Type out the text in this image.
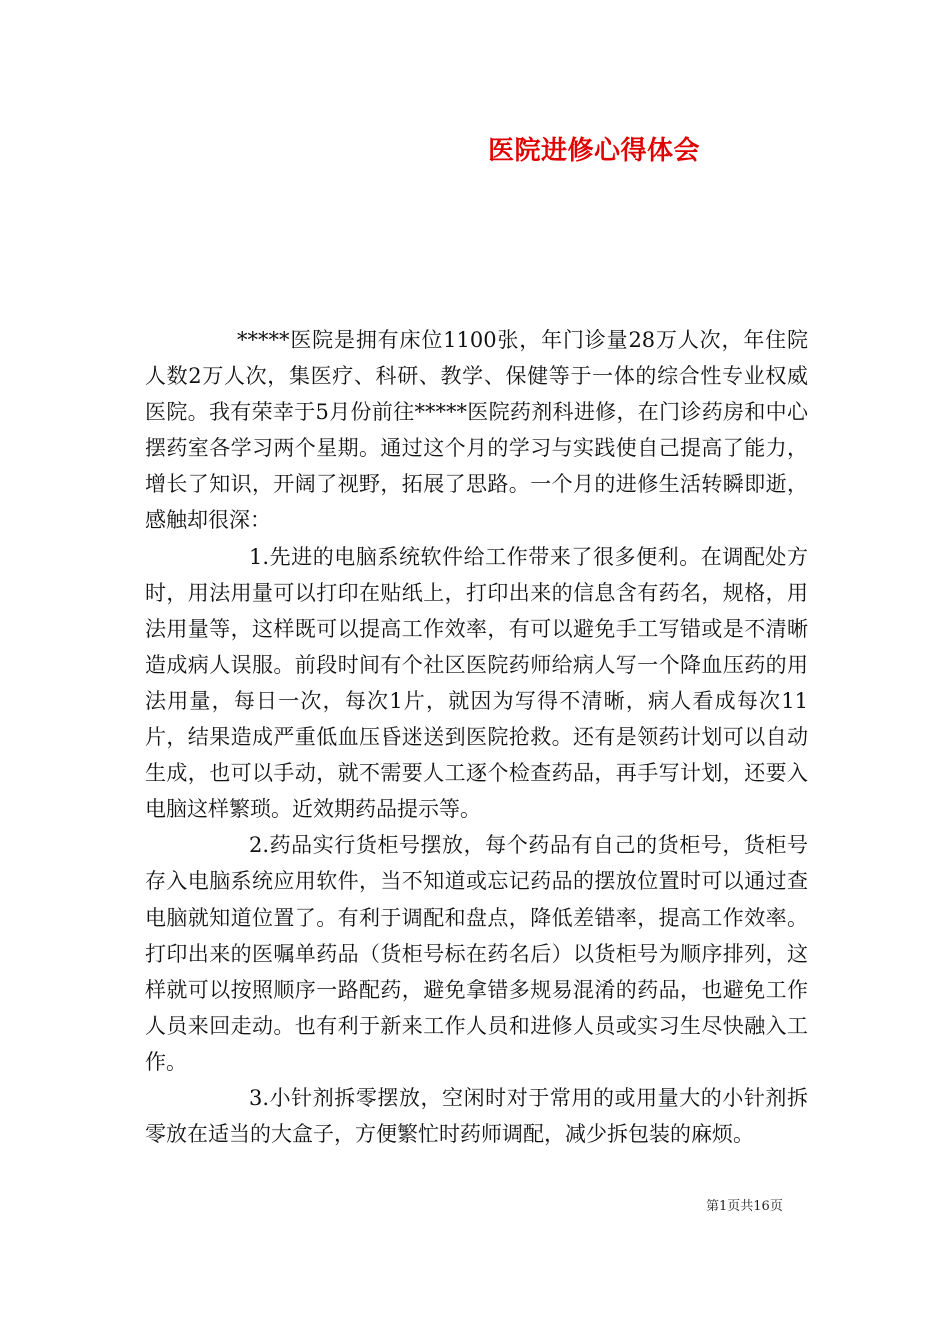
医院进修心得体会

*****医院是拥有床位1100张，年门诊量28万人次，年住院人数2万人次，集医疗、科研、教学、保健等于一体的综合性专业权威医院。我有荣幸于5月份前往*****医院药剂科进修，在门诊药房和中心摆药室各学习两个星期。通过这个月的学习与实践使自己提高了能力，增长了知识，开阔了视野，拓展了思路。一个月的进修生活转瞬即逝，感触却很深：

1.先进的电脑系统软件给工作带来了很多便利。在调配处方时，用法用量可以打印在贴纸上，打印出来的信息含有药名，规格，用法用量等，这样既可以提高工作效率，有可以避免手工写错或是不清晰造成病人误服。前段时间有个社区医院药师给病人写一个降血压药的用法用量，每日一次，每次1片，就因为写得不清晰，病人看成每次11片，结果造成严重低血压昏迷送到医院抢救。还有是领药计划可以自动生成，也可以手动，就不需要人工逐个检查药品，再手写计划，还要入电脑这样繁琐。近效期药品提示等。

2.药品实行货柜号摆放，每个药品有自己的货柜号，货柜号存入电脑系统应用软件，当不知道或忘记药品的摆放位置时可以通过查电脑就知道位置了。有利于调配和盘点，降低差错率，提高工作效率。打印出来的医嘱单药品（货柜号标在药名后）以货柜号为顺序排列，这样就可以按照顺序一路配药，避免拿错多规易混淆的药品，也避免工作人员来回走动。也有利于新来工作人员和进修人员或实习生尽快融入工作。

3.小针剂拆零摆放，空闲时对于常用的或用量大的小针剂拆零放在适当的大盒子，方便繁忙时药师调配，减少拆包装的麻烦。

第1页共16页
